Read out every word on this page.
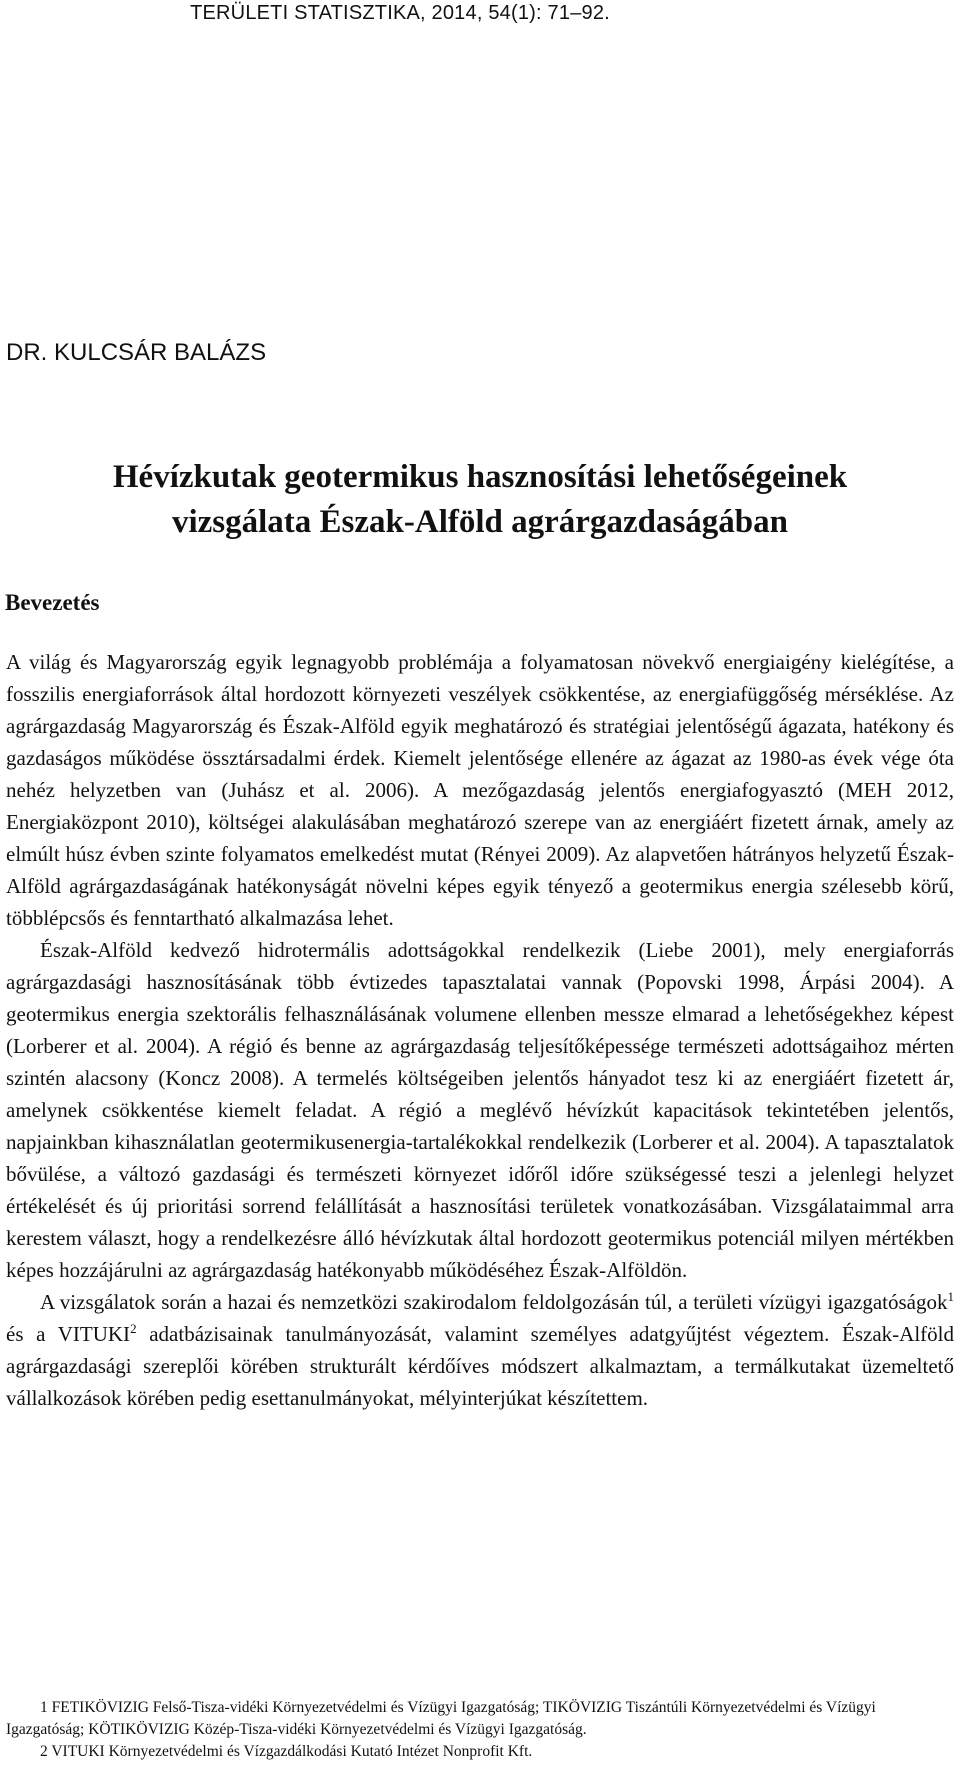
TERÜLETI STATISZTIKA, 2014, 54(1): 71–92.
DR. KULCSÁR BALÁZS
Hévízkutak geotermikus hasznosítási lehetőségeinek
vizsgálata Észak-Alföld agrárgazdaságában
Bevezetés

A világ és Magyarország egyik legnagyobb problémája a folyamatosan növekvő energiaigény kielégítése, a fosszilis energiaforrások által hordozott környezeti veszélyek csökkentése, az energiafüggőség mérséklése. Az agrárgazdaság Magyarország és Észak-Alföld egyik meghatározó és stratégiai jelentőségű ágazata, hatékony és gazdaságos működése össztársadalmi érdek. Kiemelt jelentősége ellenére az ágazat az 1980-as évek vége óta nehéz helyzetben van (Juhász et al. 2006). A mezőgazdaság jelentős energiafogyasztó (MEH 2012, Energiaközpont 2010), költségei alakulásában meghatározó szerepe van az energiáért fizetett árnak, amely az elmúlt húsz évben szinte folyamatos emelkedést mutat (Rényei 2009). Az alapvetően hátrányos helyzetű Észak-Alföld agrárgazdaságának hatékonyságát növelni képes egyik tényező a geotermikus energia szélesebb körű, többlépcsős és fenntartható alkalmazása lehet.

Észak-Alföld kedvező hidrotermális adottságokkal rendelkezik (Liebe 2001), mely energiaforrás agrárgazdasági hasznosításának több évtizedes tapasztalatai vannak (Popovski 1998, Árpási 2004). A geotermikus energia szektorális felhasználásának volumene ellenben messze elmarad a lehetőségekhez képest (Lorberer et al. 2004). A régió és benne az agrárgazdaság teljesítőképessége természeti adottságaihoz mérten szintén alacsony (Koncz 2008). A termelés költségeiben jelentős hányadot tesz ki az energiáért fizetett ár, amelynek csökkentése kiemelt feladat. A régió a meglévő hévízkút kapacitások tekintetében jelentős, napjainkban kihasználatlan geotermikusenergia-tartalékokkal rendelkezik (Lorberer et al. 2004). A tapasztalatok bővülése, a változó gazdasági és természeti környezet időről időre szükségessé teszi a jelenlegi helyzet értékelését és új prioritási sorrend felállítását a hasznosítási területek vonatkozásában. Vizsgálataimmal arra kerestem választ, hogy a rendelkezésre álló hévízkutak által hordozott geotermikus potenciál milyen mértékben képes hozzájárulni az agrárgazdaság hatékonyabb működéséhez Észak-Alföldön.

A vizsgálatok során a hazai és nemzetközi szakirodalom feldolgozásán túl, a területi vízügyi igazgatóságok$^1$ és a VITUKI$^2$ adatbázisainak tanulmányozását, valamint személyes adatgyűjtést végeztem. Észak-Alföld agrárgazdasági szereplői körében strukturált kérdőíves módszert alkalmaztam, a termálkutakat üzemeltető vállalkozások körében pedig esettanulmányokat, mélyinterjúkat készítettem.

1 FETIKÖVIZIG Felső-Tisza-vidéki Környezetvédelmi és Vízügyi Igazgatóság; TIKÖVIZIG Tiszántúli Környezetvédelmi és Vízügyi Igazgatóság; KÖTIKÖVIZIG Közép-Tisza-vidéki Környezetvédelmi és Vízügyi Igazgatóság.

2 VITUKI Környezetvédelmi és Vízgazdálkodási Kutató Intézet Nonprofit Kft.
